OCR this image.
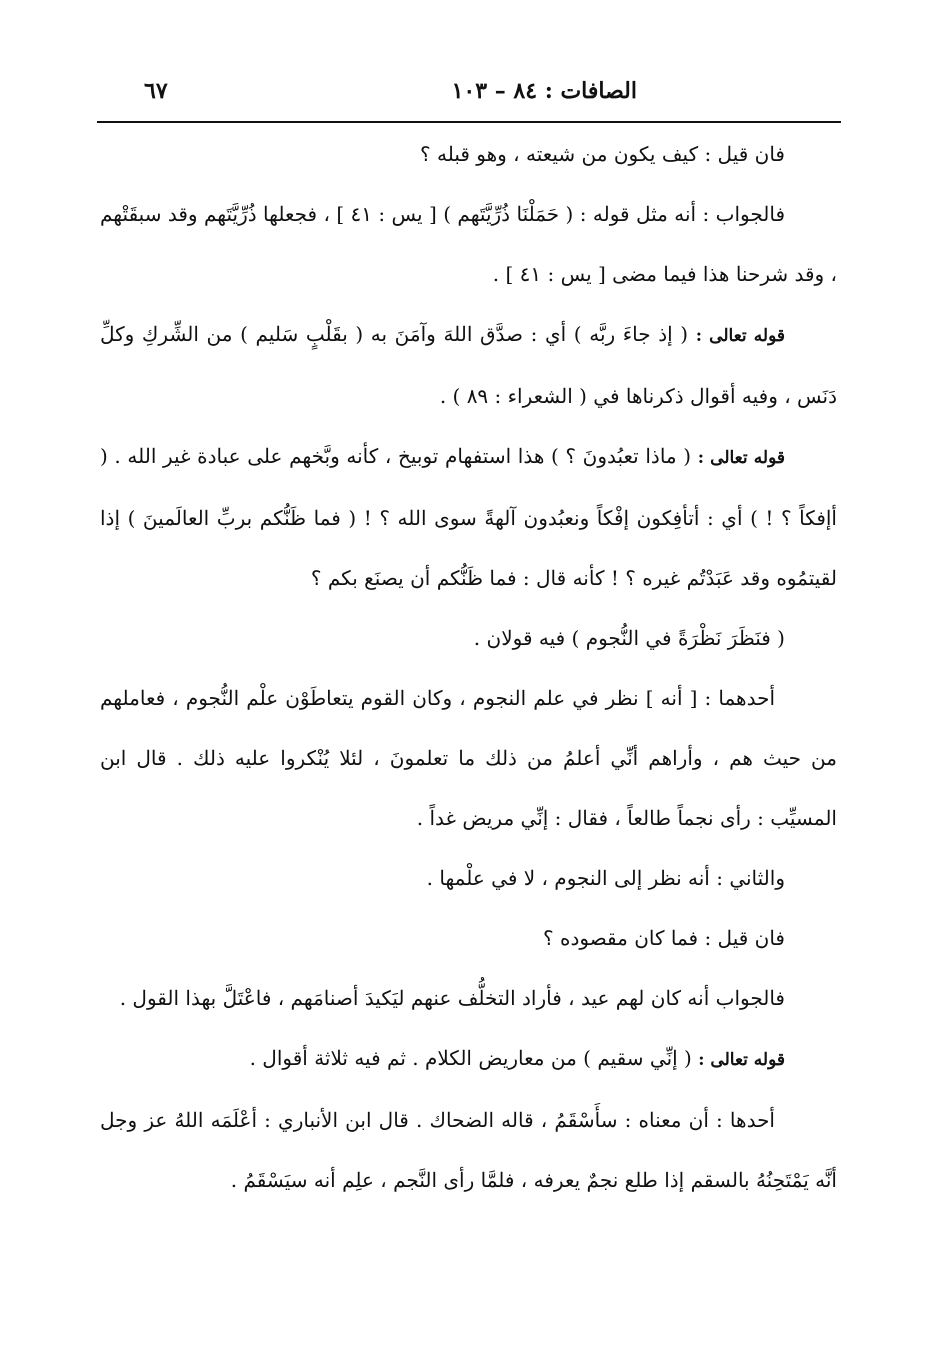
٦٧	الصافات : ٨٤ – ١٠٣

فان قيل : كيف يكون من شيعته ، وهو قبله ؟

فالجواب : أنه مثل قوله : ( حَمَلْنَا ذُرِّيَّتَهم ) [ يس : ٤١ ] ، فجعلها ذُرِّيَّتَهم وقد سبقَتْهم ، وقد شرحنا هذا فيما مضى [ يس : ٤١ ] .

قوله تعالى : ( إذ جاءَ ربَّه ) أي : صدَّق اللهَ وآمَنَ به ( بقَلْبٍ سَليم ) من الشِّركِ وكلِّ دَنَس ، وفيه أقوال ذكرناها في ( الشعراء : ٨٩ ) .

قوله تعالى : ( ماذا تعبُدونَ ؟ ) هذا استفهام توبيخ ، كأنه وبَّخهم على عبادة غير الله . ( أإفكاً ؟ ! ) أي : أتأفِكون إفْكاً ونعبُدون آلهةً سوى الله ؟ ! ( فما ظَنُّكم بربِّ العالَمينَ ) إذا لقيتمُوه وقد عَبَدْتُم غيره ؟ ! كأنه قال : فما ظَنُّكم أن يصنَع بكم ؟

( فنَظَرَ نَظْرَةً في النُّجوم ) فيه قولان .

أحدهما : [ أنه ] نظر في علم النجوم ، وكان القوم يتعاطَوْن علْم النُّجوم ، فعاملهم من حيث هم ، وأراهم أنِّي أعلمُ من ذلك ما تعلمونَ ، لئلا يُنْكروا عليه ذلك . قال ابن المسيِّب : رأى نجماً طالعاً ، فقال : إنِّي مريض غداً .

والثاني : أنه نظر إلى النجوم ، لا في علْمها .

فان قيل : فما كان مقصوده ؟

فالجواب أنه كان لهم عيد ، فأراد التخلُّف عنهم ليَكيدَ أصنامَهم ، فاعْتَلَّ بهذا القول .

قوله تعالى : ( إنِّي سقيم ) من معاريض الكلام . ثم فيه ثلاثة أقوال .

أحدها : أن معناه : سأَسْقَمُ ، قاله الضحاك . قال ابن الأنباري : أعْلَمَه اللهُ عز وجل أنَّه يَمْتَحِنُهُ بالسقم إذا طلع نجمٌ يعرفه ، فلمَّا رأى النَّجم ، علِم أنه سيَسْقَمُ .
